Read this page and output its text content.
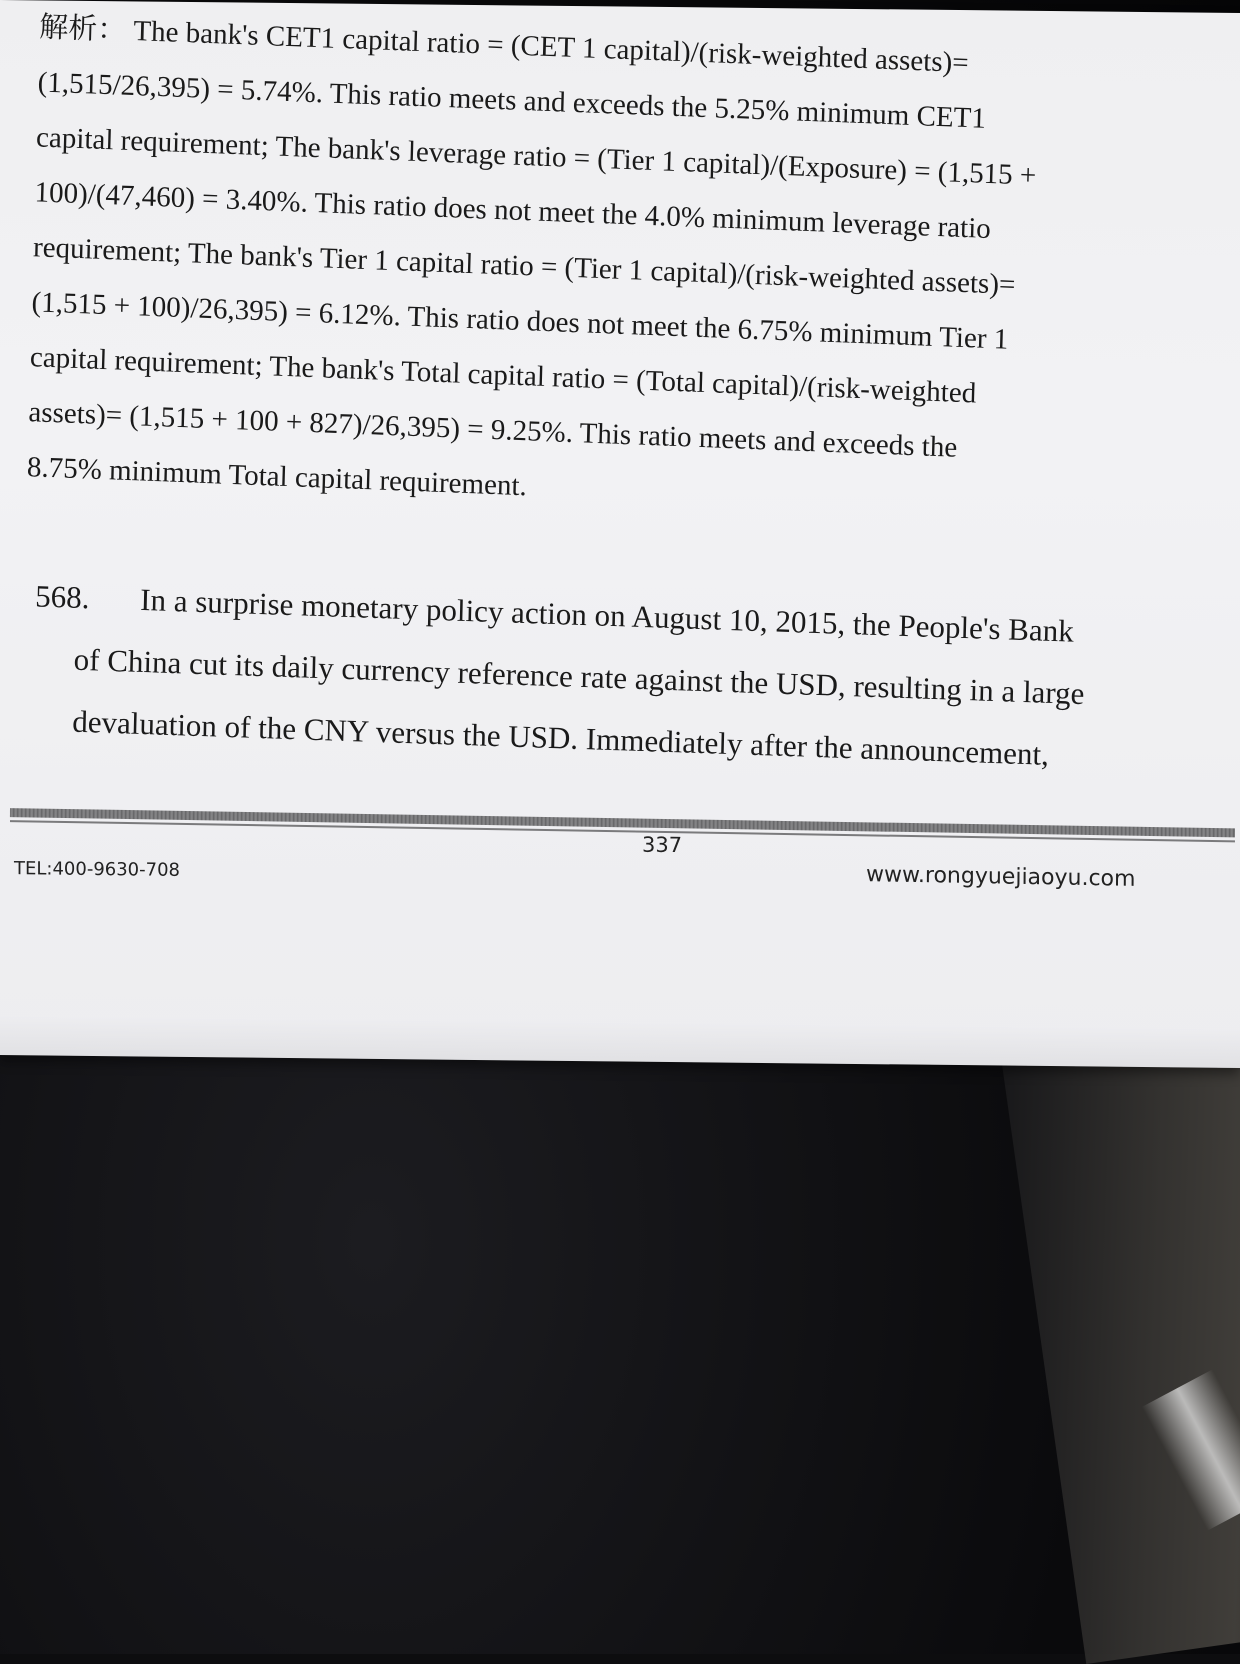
解析： The bank's CET1 capital ratio = (CET 1 capital)/(risk-weighted assets)=
(1,515/26,395) = 5.74%. This ratio meets and exceeds the 5.25% minimum CET1
capital requirement; The bank's leverage ratio = (Tier 1 capital)/(Exposure) = (1,515 +
100)/(47,460) = 3.40%. This ratio does not meet the 4.0% minimum leverage ratio
requirement; The bank's Tier 1 capital ratio = (Tier 1 capital)/(risk-weighted assets)=
(1,515 + 100)/26,395) = 6.12%. This ratio does not meet the 6.75% minimum Tier 1
capital requirement; The bank's Total capital ratio = (Total capital)/(risk-weighted
assets)= (1,515 + 100 + 827)/26,395) = 9.25%. This ratio meets and exceeds the
8.75% minimum Total capital requirement.
568. In a surprise monetary policy action on August 10, 2015, the People's Bank
of China cut its daily currency reference rate against the USD, resulting in a large
devaluation of the CNY versus the USD. Immediately after the announcement,
337
TEL:400-9630-708	www.rongyuejiaoyu.com
